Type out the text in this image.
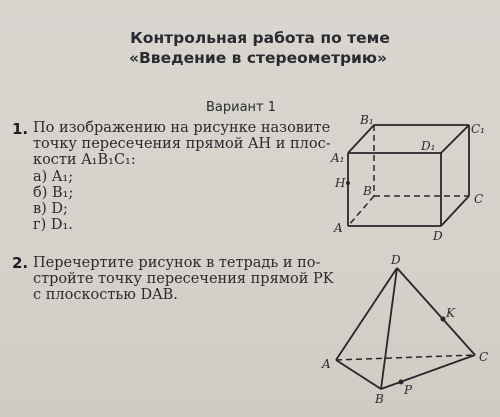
Контрольная работа по теме
«Введение в стереометрию»
Вариант 1
1. По изображению на рисунке назовите
точку пересечения прямой AH и плос-
кости A₁B₁C₁:
а) A₁;
б) B₁;
в) D;
г) D₁.
2. Перечертите рисунок в тетрадь и по-
стройте точку пересечения прямой PK
с плоскостью DAB.
B₁
C₁
D₁
A₁
H
B
C
A
D
D
K
A	C
B
P
